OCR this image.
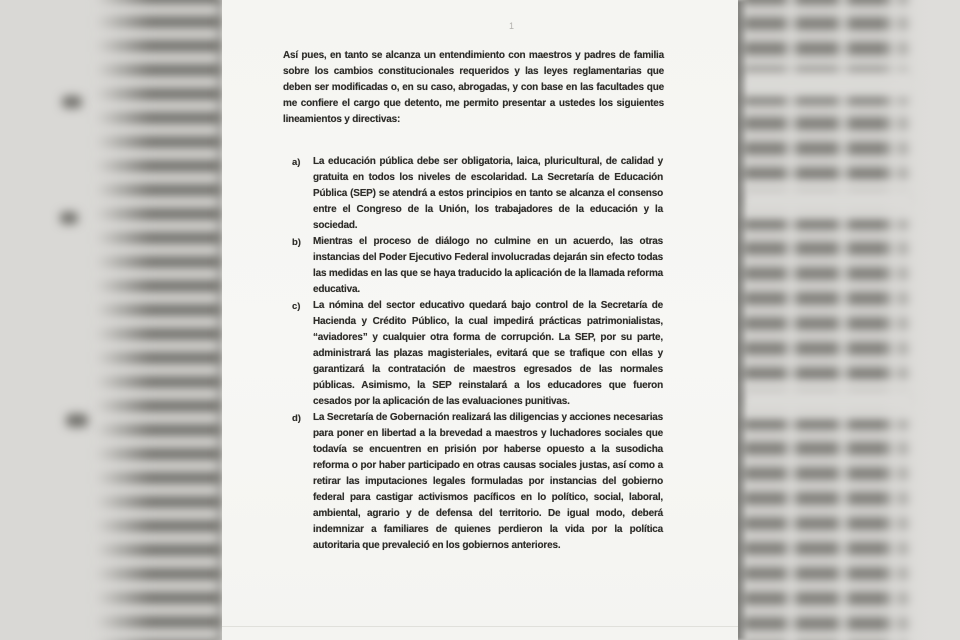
1

Así pues, en tanto se alcanza un entendimiento con maestros y padres de familia sobre los cambios constitucionales requeridos y las leyes reglamentarias que deben ser modificadas o, en su caso, abrogadas, y con base en las facultades que me confiere el cargo que detento, me permito presentar a ustedes los siguientes lineamientos y directivas:

a)	La educación pública debe ser obligatoria, laica, pluricultural, de calidad y gratuita en todos los niveles de escolaridad. La Secretaría de Educación Pública (SEP) se atendrá a estos principios en tanto se alcanza el consenso entre el Congreso de la Unión, los trabajadores de la educación y la sociedad.
b)	Mientras el proceso de diálogo no culmine en un acuerdo, las otras instancias del Poder Ejecutivo Federal involucradas dejarán sin efecto todas las medidas en las que se haya traducido la aplicación de la llamada reforma educativa.
c)	La nómina del sector educativo quedará bajo control de la Secretaría de Hacienda y Crédito Público, la cual impedirá prácticas patrimonialistas, “aviadores” y cualquier otra forma de corrupción. La SEP, por su parte, administrará las plazas magisteriales, evitará que se trafique con ellas y garantizará la contratación de maestros egresados de las normales públicas. Asimismo, la SEP reinstalará a los educadores que fueron cesados por la aplicación de las evaluaciones punitivas.
d)	La Secretaría de Gobernación realizará las diligencias y acciones necesarias para poner en libertad a la brevedad a maestros y luchadores sociales que todavía se encuentren en prisión por haberse opuesto a la susodicha reforma o por haber participado en otras causas sociales justas, así como a retirar las imputaciones legales formuladas por instancias del gobierno federal para castigar activismos pacíficos en lo político, social, laboral, ambiental, agrario y de defensa del territorio. De igual modo, deberá indemnizar a familiares de quienes perdieron la vida por la política autoritaria que prevaleció en los gobiernos anteriores.
